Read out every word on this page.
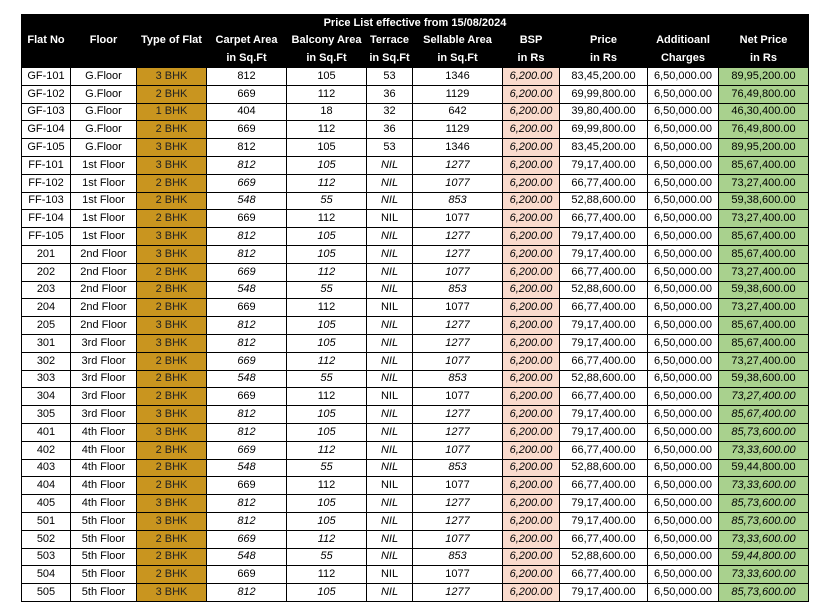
Price List effective from 15/08/2024										
Flat No	Floor	Type of Flat	Carpet Area	Balcony Area	Terrace	Sellable Area	BSP	Price	Additioanl	Net Price
			in Sq.Ft	in Sq.Ft	in Sq.Ft	in Sq.Ft	in Rs	in Rs	Charges	in Rs
GF-101	G.Floor	3 BHK	812	105	53	1346	6,200.00	83,45,200.00	6,50,000.00	89,95,200.00
GF-102	G.Floor	2 BHK	669	112	36	1129	6,200.00	69,99,800.00	6,50,000.00	76,49,800.00
GF-103	G.Floor	1 BHK	404	18	32	642	6,200.00	39,80,400.00	6,50,000.00	46,30,400.00
GF-104	G.Floor	2 BHK	669	112	36	1129	6,200.00	69,99,800.00	6,50,000.00	76,49,800.00
GF-105	G.Floor	3 BHK	812	105	53	1346	6,200.00	83,45,200.00	6,50,000.00	89,95,200.00
FF-101	1st Floor	3 BHK	812	105	NIL	1277	6,200.00	79,17,400.00	6,50,000.00	85,67,400.00
FF-102	1st Floor	2 BHK	669	112	NIL	1077	6,200.00	66,77,400.00	6,50,000.00	73,27,400.00
FF-103	1st Floor	2 BHK	548	55	NIL	853	6,200.00	52,88,600.00	6,50,000.00	59,38,600.00
FF-104	1st Floor	2 BHK	669	112	NIL	1077	6,200.00	66,77,400.00	6,50,000.00	73,27,400.00
FF-105	1st Floor	3 BHK	812	105	NIL	1277	6,200.00	79,17,400.00	6,50,000.00	85,67,400.00
201	2nd Floor	3 BHK	812	105	NIL	1277	6,200.00	79,17,400.00	6,50,000.00	85,67,400.00
202	2nd Floor	2 BHK	669	112	NIL	1077	6,200.00	66,77,400.00	6,50,000.00	73,27,400.00
203	2nd Floor	2 BHK	548	55	NIL	853	6,200.00	52,88,600.00	6,50,000.00	59,38,600.00
204	2nd Floor	2 BHK	669	112	NIL	1077	6,200.00	66,77,400.00	6,50,000.00	73,27,400.00
205	2nd Floor	3 BHK	812	105	NIL	1277	6,200.00	79,17,400.00	6,50,000.00	85,67,400.00
301	3rd Floor	3 BHK	812	105	NIL	1277	6,200.00	79,17,400.00	6,50,000.00	85,67,400.00
302	3rd Floor	2 BHK	669	112	NIL	1077	6,200.00	66,77,400.00	6,50,000.00	73,27,400.00
303	3rd Floor	2 BHK	548	55	NIL	853	6,200.00	52,88,600.00	6,50,000.00	59,38,600.00
304	3rd Floor	2 BHK	669	112	NIL	1077	6,200.00	66,77,400.00	6,50,000.00	73,27,400.00
305	3rd Floor	3 BHK	812	105	NIL	1277	6,200.00	79,17,400.00	6,50,000.00	85,67,400.00
401	4th Floor	3 BHK	812	105	NIL	1277	6,200.00	79,17,400.00	6,50,000.00	85,73,600.00
402	4th Floor	2 BHK	669	112	NIL	1077	6,200.00	66,77,400.00	6,50,000.00	73,33,600.00
403	4th Floor	2 BHK	548	55	NIL	853	6,200.00	52,88,600.00	6,50,000.00	59,44,800.00
404	4th Floor	2 BHK	669	112	NIL	1077	6,200.00	66,77,400.00	6,50,000.00	73,33,600.00
405	4th Floor	3 BHK	812	105	NIL	1277	6,200.00	79,17,400.00	6,50,000.00	85,73,600.00
501	5th Floor	3 BHK	812	105	NIL	1277	6,200.00	79,17,400.00	6,50,000.00	85,73,600.00
502	5th Floor	2 BHK	669	112	NIL	1077	6,200.00	66,77,400.00	6,50,000.00	73,33,600.00
503	5th Floor	2 BHK	548	55	NIL	853	6,200.00	52,88,600.00	6,50,000.00	59,44,800.00
504	5th Floor	2 BHK	669	112	NIL	1077	6,200.00	66,77,400.00	6,50,000.00	73,33,600.00
505	5th Floor	3 BHK	812	105	NIL	1277	6,200.00	79,17,400.00	6,50,000.00	85,73,600.00
